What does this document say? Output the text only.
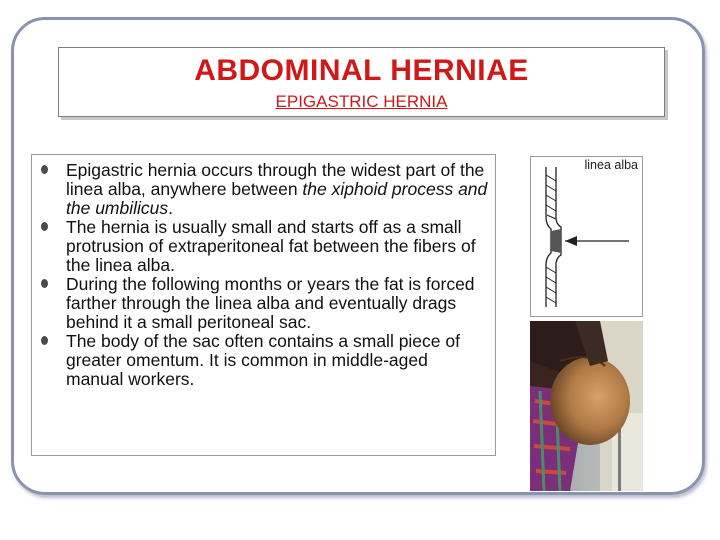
ABDOMINAL HERNIAE
EPIGASTRIC HERNIA
Epigastric hernia occurs through the widest part of the linea alba, anywhere between the xiphoid process and the umbilicus.
The hernia is usually small and starts off as a small protrusion of extraperitoneal fat between the fibers of the linea alba.
During the following months or years the fat is forced farther through the linea alba and eventually drags behind it a small peritoneal sac.
The body of the sac often contains a small piece of greater omentum. It is common in middle-aged manual workers.
linea alba
